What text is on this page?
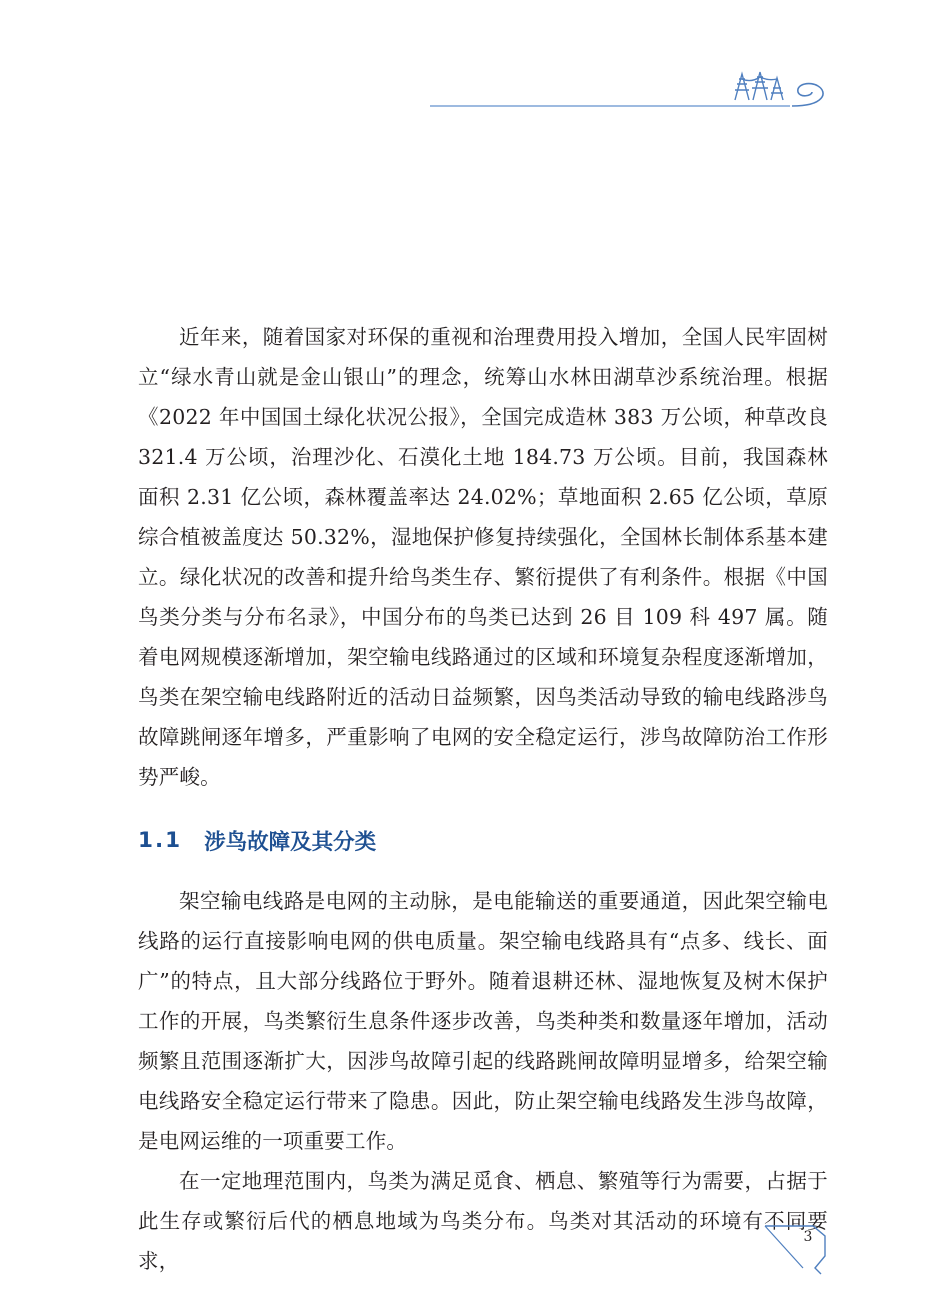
近年来，随着国家对环保的重视和治理费用投入增加，全国人民牢固树立“绿水青山就是金山银山”的理念，统筹山水林田湖草沙系统治理。根据《2022 年中国国土绿化状况公报》，全国完成造林 383 万公顷，种草改良 321.4 万公顷，治理沙化、石漠化土地 184.73 万公顷。目前，我国森林面积 2.31 亿公顷，森林覆盖率达 24.02%；草地面积 2.65 亿公顷，草原综合植被盖度达 50.32%，湿地保护修复持续强化，全国林长制体系基本建立。绿化状况的改善和提升给鸟类生存、繁衍提供了有利条件。根据《中国鸟类分类与分布名录》，中国分布的鸟类已达到 26 目 109 科 497 属。随着电网规模逐渐增加，架空输电线路通过的区域和环境复杂程度逐渐增加，鸟类在架空输电线路附近的活动日益频繁，因鸟类活动导致的输电线路涉鸟故障跳闸逐年增多，严重影响了电网的安全稳定运行，涉鸟故障防治工作形势严峻。

1.1 涉鸟故障及其分类

架空输电线路是电网的主动脉，是电能输送的重要通道，因此架空输电线路的运行直接影响电网的供电质量。架空输电线路具有“点多、线长、面广”的特点，且大部分线路位于野外。随着退耕还林、湿地恢复及树木保护工作的开展，鸟类繁衍生息条件逐步改善，鸟类种类和数量逐年增加，活动频繁且范围逐渐扩大，因涉鸟故障引起的线路跳闸故障明显增多，给架空输电线路安全稳定运行带来了隐患。因此，防止架空输电线路发生涉鸟故障，是电网运维的一项重要工作。

在一定地理范围内，鸟类为满足觅食、栖息、繁殖等行为需要，占据于此生存或繁衍后代的栖息地域为鸟类分布。鸟类对其活动的环境有不同要求，

3
